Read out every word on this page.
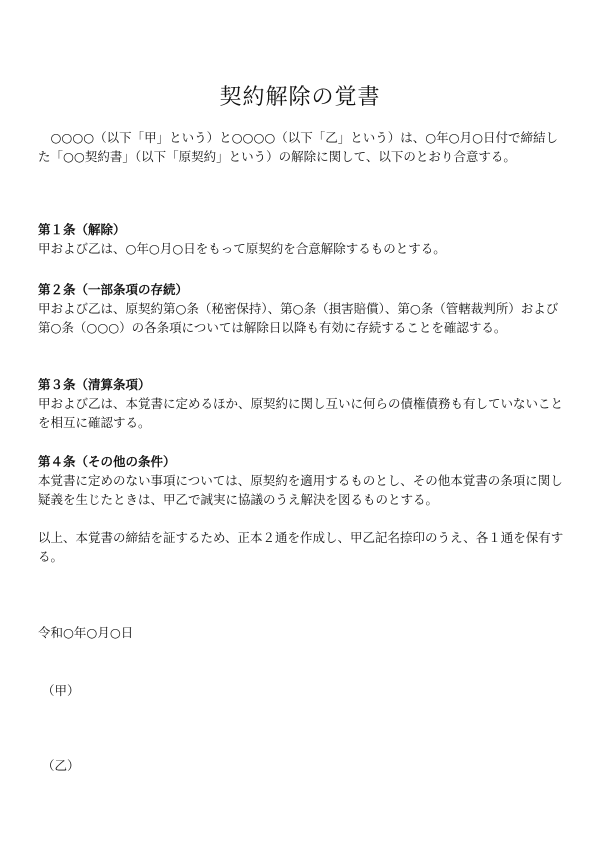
契約解除の覚書

○○○○（以下「甲」という）と○○○○（以下「乙」という）は、○年○月○日付で締結した「○○契約書」（以下「原契約」という）の解除に関して、以下のとおり合意する。

第１条（解除）

甲および乙は、○年○月○日をもって原契約を合意解除するものとする。

第２条（一部条項の存続）

甲および乙は、原契約第○条（秘密保持）、第○条（損害賠償）、第○条（管轄裁判所）および第○条（○○○）の各条項については解除日以降も有効に存続することを確認する。

第３条（清算条項）

甲および乙は、本覚書に定めるほか、原契約に関し互いに何らの債権債務も有していないことを相互に確認する。

第４条（その他の条件）

本覚書に定めのない事項については、原契約を適用するものとし、その他本覚書の条項に関し疑義を生じたときは、甲乙で誠実に協議のうえ解決を図るものとする。

以上、本覚書の締結を証するため、正本２通を作成し、甲乙記名捺印のうえ、各１通を保有する。

令和○年○月○日

（甲）

（乙）
